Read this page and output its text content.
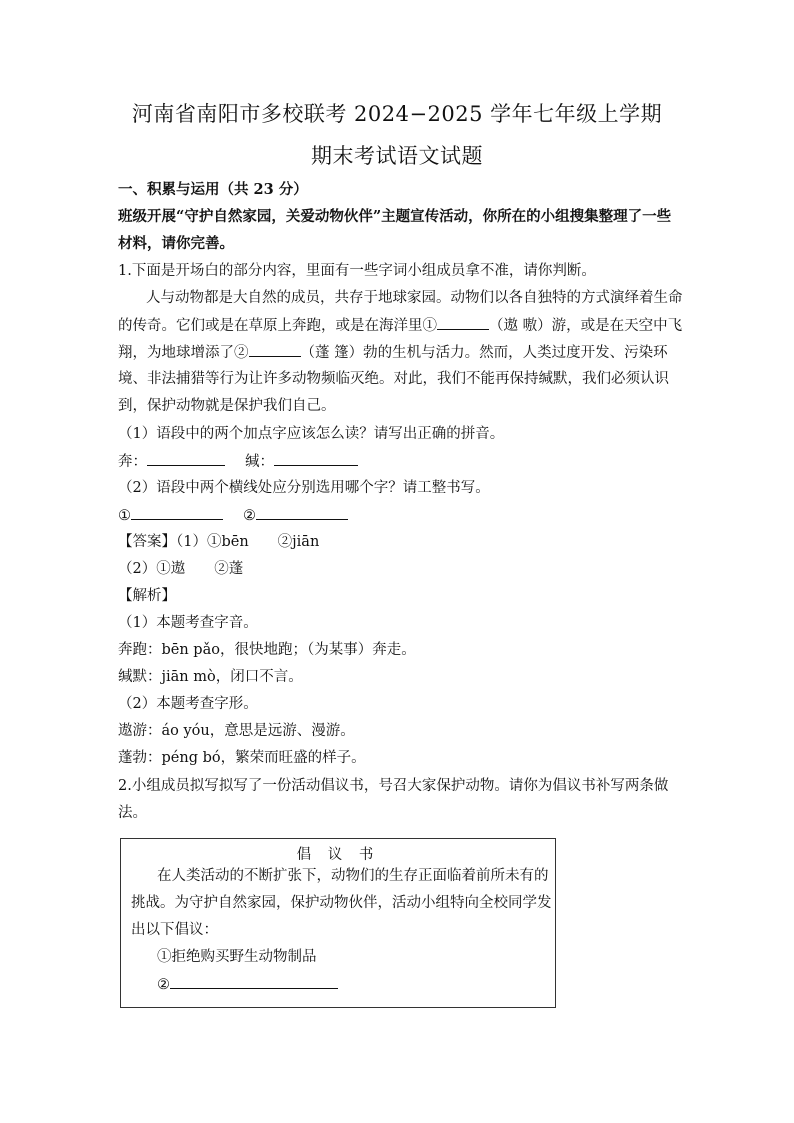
河南省南阳市多校联考 2024−2025 学年七年级上学期
期末考试语文试题
一、积累与运用（共 23 分）
班级开展“守护自然家园，关爱动物伙伴”主题宣传活动，你所在的小组搜集整理了一些
材料，请你完善。
1.下面是开场白的部分内容，里面有一些字词小组成员拿不准，请你判断。
人与动物都是大自然的成员，共存于地球家园。动物们以各自独特的方式演绎着生命
的传奇。它们或是在草原上奔跑，或是在海洋里①	（遨 嗷）游，或是在天空中飞
翔，为地球增添了②	（蓬 篷）勃的生机与活力。然而，人类过度开发、污染环
境、非法捕猎等行为让许多动物频临灭绝。对此，我们不能再保持缄默，我们必须认识
到，保护动物就是保护我们自己。
（1）语段中的两个加点字应该怎么读？请写出正确的拼音。
奔：	缄：
（2）语段中两个横线处应分别选用哪个字？请工整书写。
①	②
【答案】（1）①bēn　　②jiān
（2）①遨　　②蓬
【解析】
（1）本题考查字音。
奔跑：bēn pǎo，很快地跑；（为某事）奔走。
缄默：jiān mò，闭口不言。
（2）本题考查字形。
遨游：áo yóu，意思是远游、漫游。
蓬勃：péng bó，繁荣而旺盛的样子。
2.小组成员拟写拟写了一份活动倡议书，号召大家保护动物。请你为倡议书补写两条做
法。
倡 议 书
在人类活动的不断扩张下，动物们的生存正面临着前所未有的
挑战。为守护自然家园，保护动物伙伴，活动小组特向全校同学发
出以下倡议：
①拒绝购买野生动物制品
②
